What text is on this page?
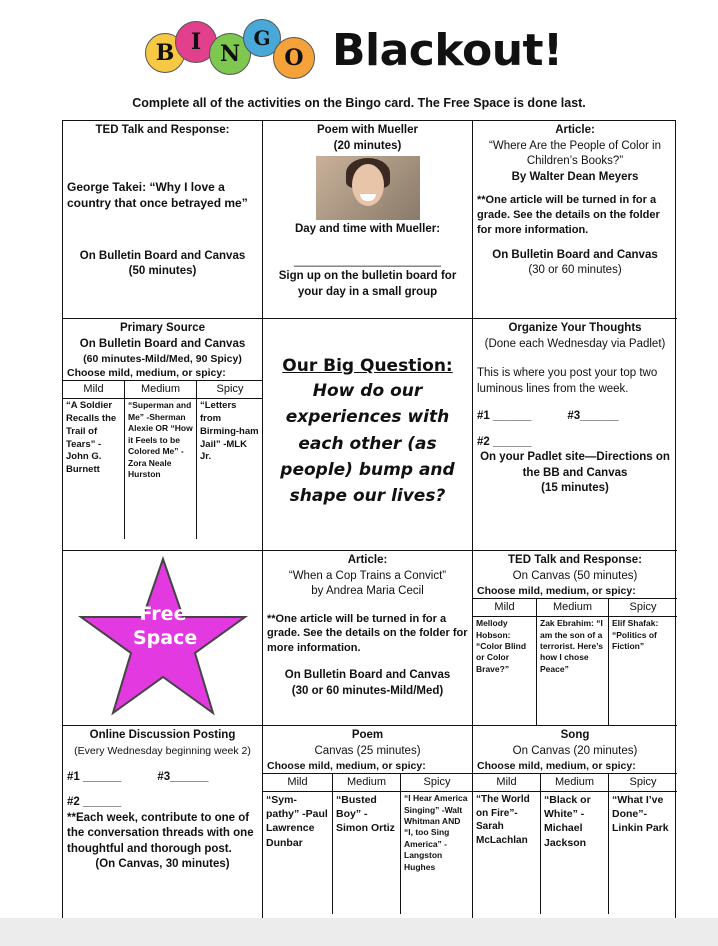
B I N
G
O Blackout!
Complete all of the activities on the Bingo card. The Free Space is done last.
TED Talk and Response:
George Takei: “Why I love a country that once betrayed me”
On Bulletin Board and Canvas
(50 minutes)
Poem with Mueller
(20 minutes)
Day and time with Mueller:
_______________________
Sign up on the bulletin board for your day in a small group
Article:
“Where Are the People of Color in Children’s Books?”
By Walter Dean Meyers
**One article will be turned in for a grade. See the details on the folder for more information.
On Bulletin Board and Canvas
(30 or 60 minutes)
Primary Source
On Bulletin Board and Canvas
(60 minutes-Mild/Med, 90 Spicy)
Choose mild, medium, or spicy:
Mild	Medium	Spicy
“A Soldier Recalls the Trail of Tears” -John G. Burnett
“Superman and Me” -Sherman Alexie OR “How it Feels to be Colored Me” -Zora Neale Hurston
“Letters from Birming-ham Jail” -MLK Jr.
Our Big Question:
How do our experiences with each other (as people) bump and shape our lives?
Organize Your Thoughts
(Done each Wednesday via Padlet)
This is where you post your top two luminous lines from the week.
#1 ______	#3______
#2 ______
On your Padlet site—Directions on the BB and Canvas
(15 minutes)
Free Space
Article:
“When a Cop Trains a Convict”
by Andrea Maria Cecil
**One article will be turned in for a grade. See the details on the folder for more information.
On Bulletin Board and Canvas
(30 or 60 minutes-Mild/Med)
TED Talk and Response:
On Canvas (50 minutes)
Choose mild, medium, or spicy:
Mild	Medium	Spicy
Mellody Hobson: “Color Blind or Color Brave?”
Zak Ebrahim: “I am the son of a terrorist. Here’s how I chose Peace”
Elif Shafak: “Politics of Fiction”
Online Discussion Posting
(Every Wednesday beginning week 2)
#1 ______	#3______
#2 ______
**Each week, contribute to one of the conversation threads with one thoughtful and thorough post.
(On Canvas, 30 minutes)
Poem
Canvas (25 minutes)
Choose mild, medium, or spicy:
Mild	Medium	Spicy
“Sym-pathy” -Paul Lawrence Dunbar
“Busted Boy” -Simon Ortiz
“I Hear America Singing” -Walt Whitman AND “I, too Sing America” -Langston Hughes
Song
On Canvas (20 minutes)
Choose mild, medium, or spicy:
Mild	Medium	Spicy
“The World on Fire”- Sarah McLachlan
“Black or White” - Michael Jackson
“What I’ve Done”- Linkin Park
